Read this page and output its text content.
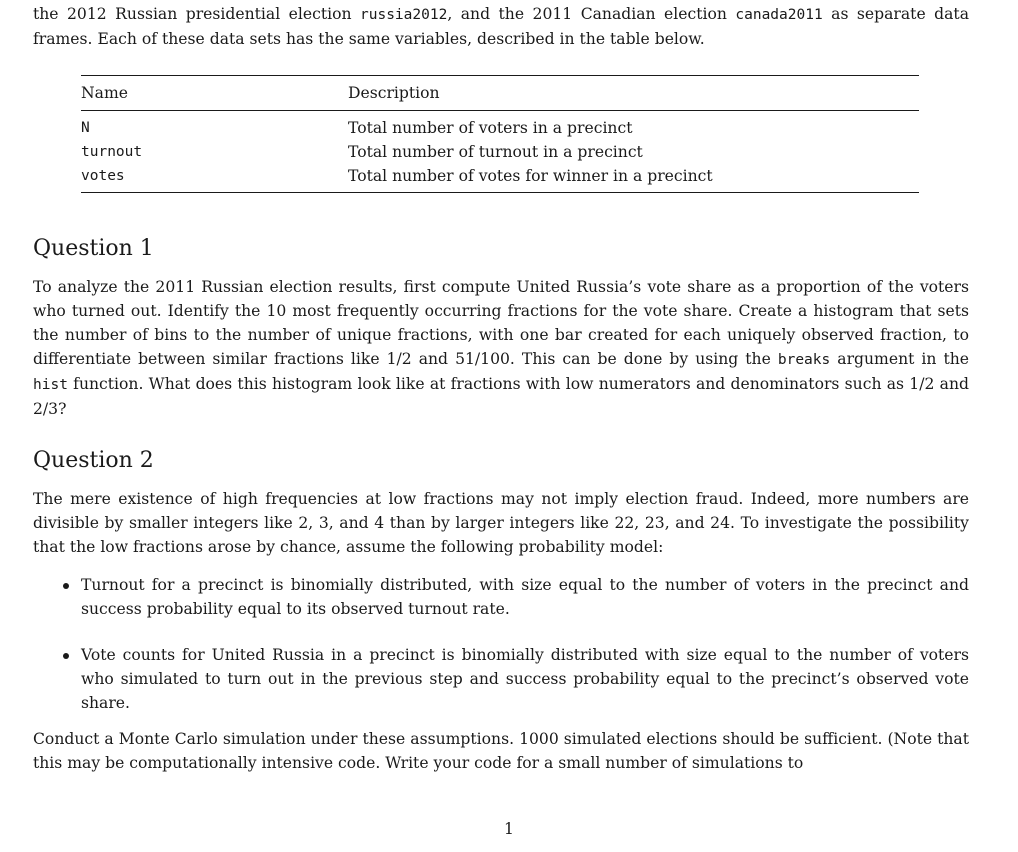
the 2012 Russian presidential election russia2012, and the 2011 Canadian election canada2011 as separate data frames. Each of these data sets has the same variables, described in the table below.

Name	Description
N	Total number of voters in a precinct
turnout	Total number of turnout in a precinct
votes	Total number of votes for winner in a precinct
Question 1

To analyze the 2011 Russian election results, first compute United Russia’s vote share as a proportion of the voters who turned out. Identify the 10 most frequently occurring fractions for the vote share. Create a histogram that sets the number of bins to the number of unique fractions, with one bar created for each uniquely observed fraction, to differentiate between similar fractions like 1/2 and 51/100. This can be done by using the breaks argument in the hist function. What does this histogram look like at fractions with low numerators and denominators such as 1/2 and 2/3?

Question 2

The mere existence of high frequencies at low fractions may not imply election fraud. Indeed, more numbers are divisible by smaller integers like 2, 3, and 4 than by larger integers like 22, 23, and 24. To investigate the possibility that the low fractions arose by chance, assume the following probability model:

Turnout for a precinct is binomially distributed, with size equal to the number of voters in the precinct and success probability equal to its observed turnout rate.

Vote counts for United Russia in a precinct is binomially distributed with size equal to the number of voters who simulated to turn out in the previous step and success probability equal to the precinct’s observed vote share.

Conduct a Monte Carlo simulation under these assumptions. 1000 simulated elections should be sufficient. (Note that this may be computationally intensive code. Write your code for a small number of simulations to

1
